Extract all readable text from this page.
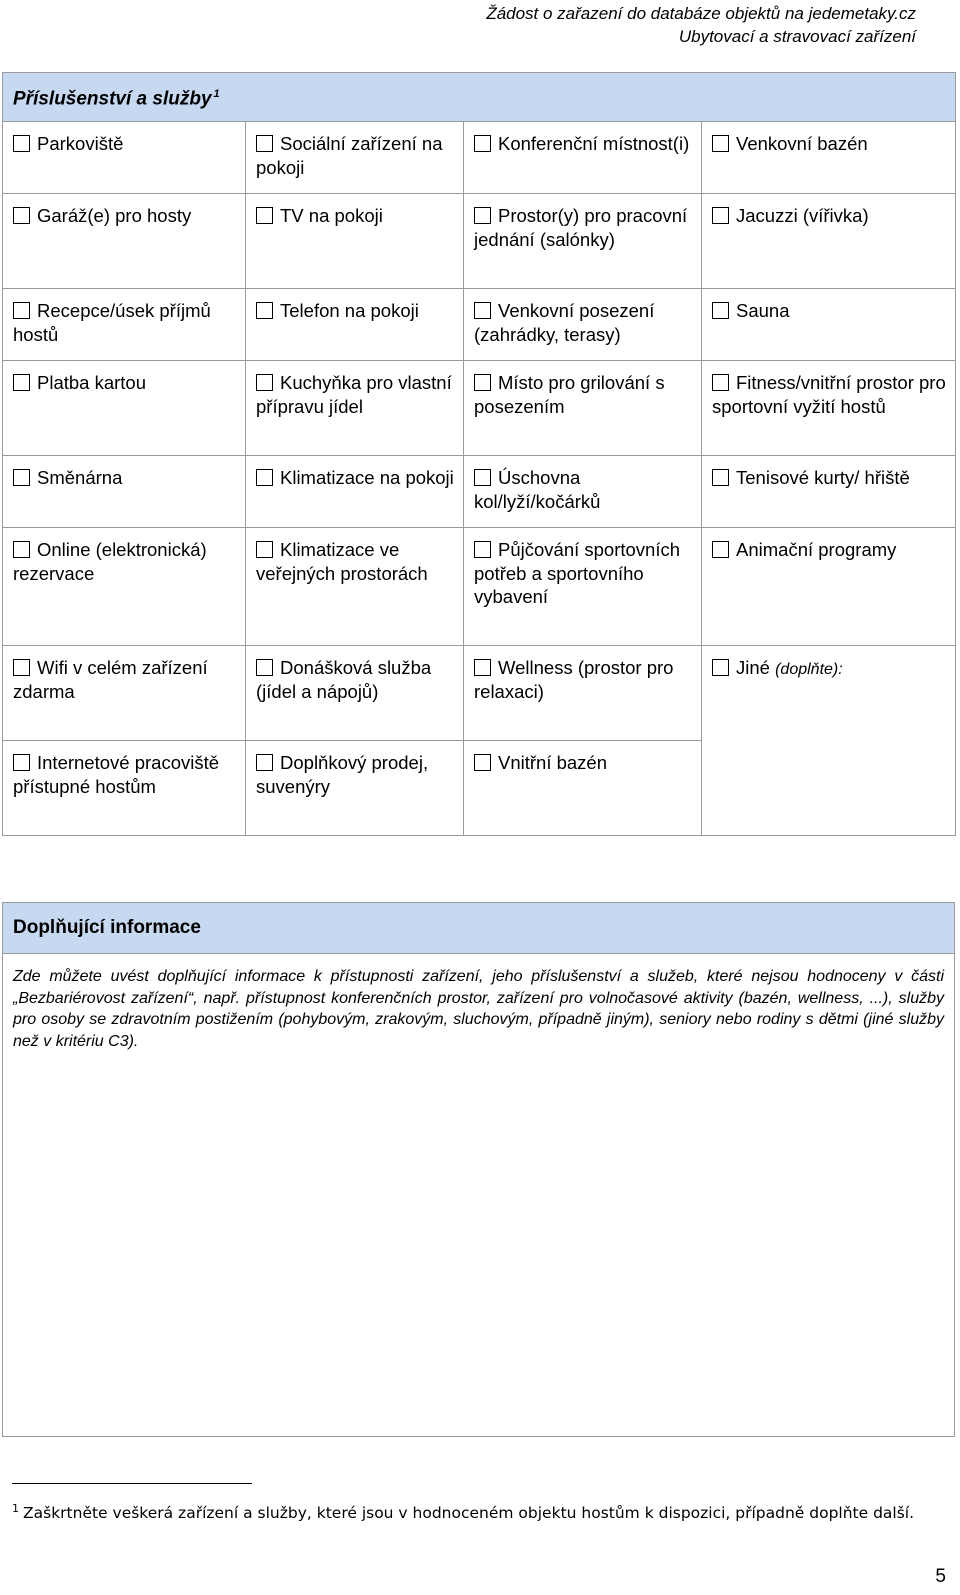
Žádost o zařazení do databáze objektů na jedemetaky.cz
Ubytovací a stravovací zařízení
Příslušenství a služby $^1$
Parkoviště	Sociální zařízení na pokoji	Konferenční místnost(i)	Venkovní bazén
Garáž(e) pro hosty	TV na pokoji	Prostor(y) pro pracovní jednání (salónky)	Jacuzzi (vířivka)
Recepce/úsek příjmů hostů	Telefon na pokoji	Venkovní posezení (zahrádky, terasy)	Sauna
Platba kartou	Kuchyňka pro vlastní přípravu jídel	Místo pro grilování s posezením	Fitness/vnitřní prostor pro sportovní vyžití hostů
Směnárna	Klimatizace na pokoji	Úschovna kol/lyží/kočárků	Tenisové kurty/ hřiště
Online (elektronická) rezervace	Klimatizace ve veřejných prostorách	Půjčování sportovních potřeb a sportovního vybavení	Animační programy
Wifi v celém zařízení zdarma	Donášková služba (jídel a nápojů)	Wellness (prostor pro relaxaci)	Jiné (doplňte):
Internetové pracoviště přístupné hostům	Doplňkový prodej, suvenýry	Vnitřní bazén	
Doplňující informace
Zde můžete uvést doplňující informace k přístupnosti zařízení, jeho příslušenství a služeb, které nejsou hodnoceny v části „Bezbariérovost zařízení“, např. přístupnost konferenčních prostor, zařízení pro volnočasové aktivity (bazén, wellness, ...), služby pro osoby se zdravotním postižením (pohybovým, zrakovým, sluchovým, případně jiným), seniory nebo rodiny s dětmi (jiné služby než v kritériu C3).
$^1$ Zaškrtněte veškerá zařízení a služby, které jsou v hodnoceném objektu hostům k dispozici, případně doplňte další.
5
